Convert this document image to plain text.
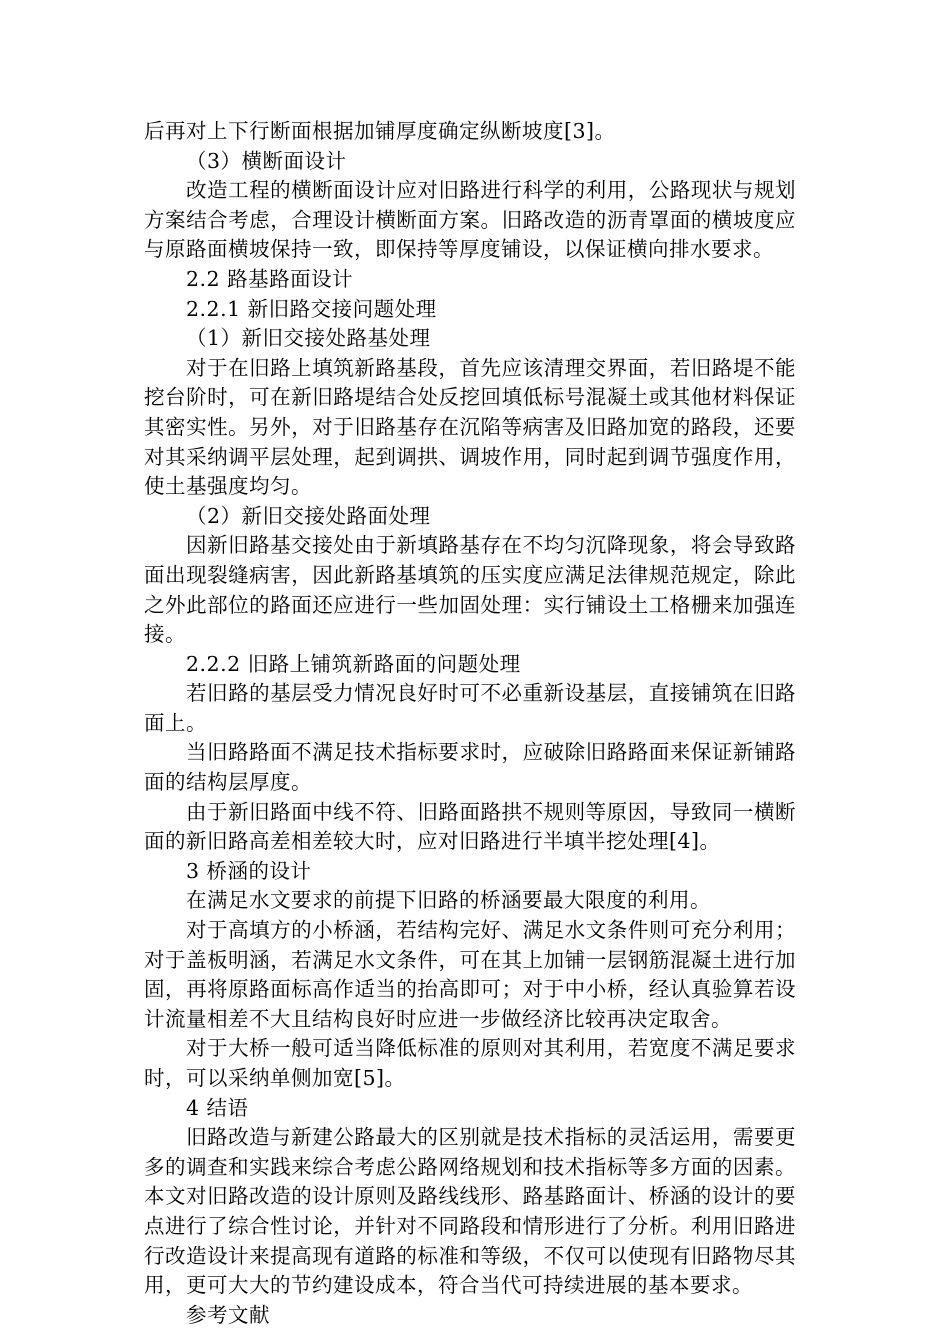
后再对上下行断面根据加铺厚度确定纵断坡度[3]。

（3）横断面设计

改造工程的横断面设计应对旧路进行科学的利用，公路现状与规划方案结合考虑，合理设计横断面方案。旧路改造的沥青罩面的横坡度应与原路面横坡保持一致，即保持等厚度铺设，以保证横向排水要求。

2.2 路基路面设计

2.2.1 新旧路交接问题处理

（1）新旧交接处路基处理

对于在旧路上填筑新路基段，首先应该清理交界面，若旧路堤不能挖台阶时，可在新旧路堤结合处反挖回填低标号混凝土或其他材料保证其密实性。另外，对于旧路基存在沉陷等病害及旧路加宽的路段，还要对其采纳调平层处理，起到调拱、调坡作用，同时起到调节强度作用，使土基强度均匀。

（2）新旧交接处路面处理

因新旧路基交接处由于新填路基存在不均匀沉降现象，将会导致路面出现裂缝病害，因此新路基填筑的压实度应满足法律规范规定，除此之外此部位的路面还应进行一些加固处理：实行铺设土工格栅来加强连接。

2.2.2 旧路上铺筑新路面的问题处理

若旧路的基层受力情况良好时可不必重新设基层，直接铺筑在旧路面上。

当旧路路面不满足技术指标要求时，应破除旧路路面来保证新铺路面的结构层厚度。

由于新旧路面中线不符、旧路面路拱不规则等原因，导致同一横断面的新旧路高差相差较大时，应对旧路进行半填半挖处理[4]。

3 桥涵的设计

在满足水文要求的前提下旧路的桥涵要最大限度的利用。

对于高填方的小桥涵，若结构完好、满足水文条件则可充分利用；对于盖板明涵，若满足水文条件，可在其上加铺一层钢筋混凝土进行加固，再将原路面标高作适当的抬高即可；对于中小桥，经认真验算若设计流量相差不大且结构良好时应进一步做经济比较再决定取舍。

对于大桥一般可适当降低标准的原则对其利用，若宽度不满足要求时，可以采纳单侧加宽[5]。

4 结语

旧路改造与新建公路最大的区别就是技术指标的灵活运用，需要更多的调查和实践来综合考虑公路网络规划和技术指标等多方面的因素。本文对旧路改造的设计原则及路线线形、路基路面计、桥涵的设计的要点进行了综合性讨论，并针对不同路段和情形进行了分析。利用旧路进行改造设计来提高现有道路的标准和等级，不仅可以使现有旧路物尽其用，更可大大的节约建设成本，符合当代可持续进展的基本要求。

参考文献
